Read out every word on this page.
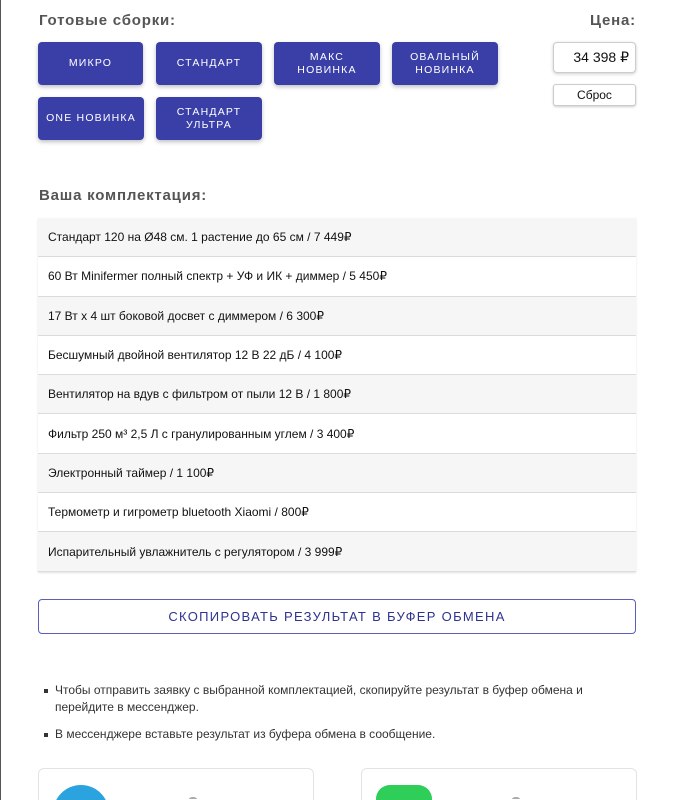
Готовые сборки:	Цена:
МИКРО	СТАНДАРТ
МАКС
НОВИНКА
ОВАЛЬНЫЙ
НОВИНКА
ONE НОВИНКА
СТАНДАРТ
УЛЬТРА
34 398 ₽
Сброс
Ваша комплектация:
Стандарт 120 на Ø48 см. 1 растение до 65 см / 7 449₽
60 Вт Minifermer полный спектр + УФ и ИК + диммер / 5 450₽
17 Вт х 4 шт боковой досвет с диммером / 6 300₽
Бесшумный двойной вентилятор 12 В 22 дБ / 4 100₽
Вентилятор на вдув с фильтром от пыли 12 В / 1 800₽
Фильтр 250 м³ 2,5 Л с гранулированным углем / 3 400₽
Электронный таймер / 1 100₽
Термометр и гигрометр bluetooth Xiaomi / 800₽
Испарительный увлажнитель с регулятором / 3 999₽
СКОПИРОВАТЬ РЕЗУЛЬТАТ В БУФЕР ОБМЕНА
Чтобы отправить заявку с выбранной комплектацией, скопируйте результат в буфер обмена и перейдите в мессенджер.
В мессенджере вставьте результат из буфера обмена в сообщение.
